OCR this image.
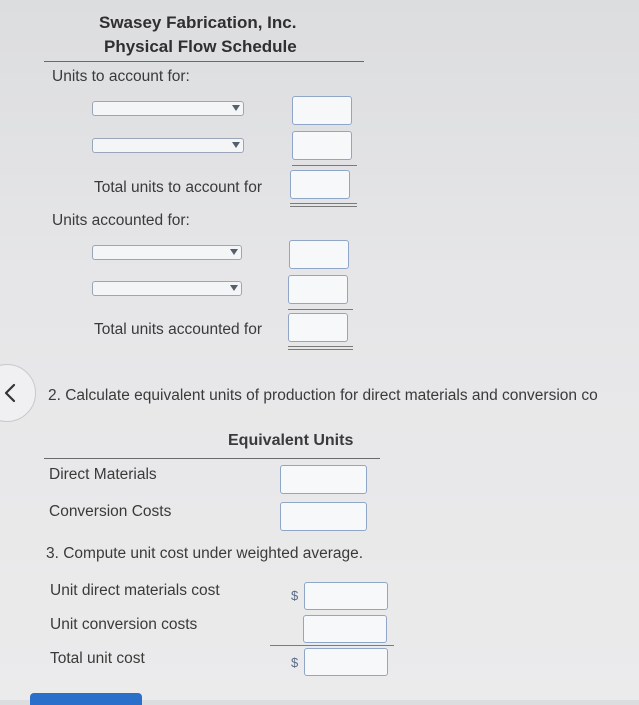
Swasey Fabrication, Inc.
Physical Flow Schedule
Units to account for:
Total units to account for
Units accounted for:
Total units accounted for
2. Calculate equivalent units of production for direct materials and conversion co
Equivalent Units
Direct Materials
Conversion Costs
3. Compute unit cost under weighted average.
Unit direct materials cost	$
Unit conversion costs
Total unit cost	$
